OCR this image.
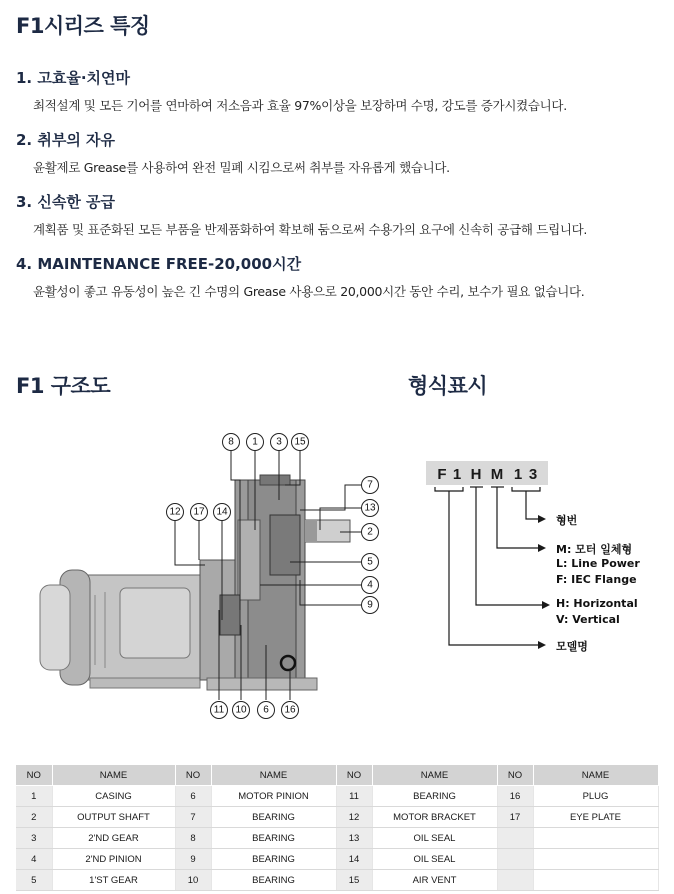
F1시리즈 특징
1. 고효율·치연마
최적설계 및 모든 기어를 연마하여 저소음과 효율 97%이상을 보장하며 수명, 강도를 증가시켰습니다.
2. 취부의 자유
윤활제로 Grease를 사용하여 완전 밀폐 시킴으로써 취부를 자유롭게 했습니다.
3. 신속한 공급
계획품 및 표준화된 모든 부품을 반제품화하여 확보해 둠으로써 수용가의 요구에 신속히 공급해 드립니다.
4. MAINTENANCE FREE-20,000시간
윤활성이 좋고 유동성이 높은 긴 수명의 Grease 사용으로 20,000시간 동안 수리, 보수가 필요 없습니다.
F1 구조도	형식표시
8 1 3 15
12 17 14
7
13
2
5
4
9
11 10 6 16
F 1 H M 1 3
형번
M: 모터 일체형
L: Line Power
F: IEC Flange
H: Horizontal
V: Vertical
모델명
NO	NAME	NO	NAME	NO	NAME	NO	NAME
1	CASING	6	MOTOR PINION	11	BEARING	16	PLUG
2	OUTPUT SHAFT	7	BEARING	12	MOTOR BRACKET	17	EYE PLATE
3	2'ND GEAR	8	BEARING	13	OIL SEAL		
4	2'ND PINION	9	BEARING	14	OIL SEAL		
5	1'ST GEAR	10	BEARING	15	AIR VENT		
